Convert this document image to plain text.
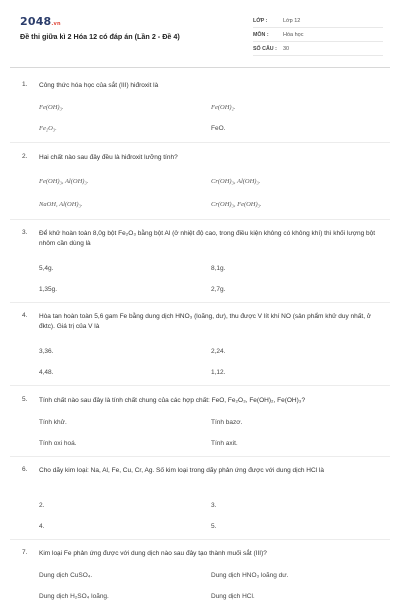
2048.vn
Đề thi giữa kì 2 Hóa 12 có đáp án (Lần 2 - Đề 4)
LỚP :	Lớp 12
MÔN :	Hóa học
SỐ CÂU :	30
1. Công thức hóa học của sắt (III) hiđroxit là
Fe(OH)₃.	Fe(OH)₂.
Fe₂O₃.	FeO.
2. Hai chất nào sau đây đều là hiđroxit lưỡng tính?
Fe(OH)₃, Al(OH)₃.	Cr(OH)₃, Al(OH)₃.
NaOH, Al(OH)₃.	Cr(OH)₃, Fe(OH)₃.
3. Để khử hoàn toàn 8,0g bột Fe₂O₃ bằng bột Al (ở nhiệt độ cao, trong điều kiện không có không khí) thì khối lượng bột nhôm cần dùng là
5,4g.	8,1g.
1,35g.	2,7g.
4. Hòa tan hoàn toàn 5,6 gam Fe bằng dung dịch HNO₃ (loãng, dư), thu được V lít khí NO (sản phẩm khử duy nhất, ở đktc). Giá trị của V là
3,36.	2,24.
4,48.	1,12.
5. Tính chất nào sau đây là tính chất chung của các hợp chất: FeO, Fe₂O₃, Fe(OH)₂, Fe(OH)₃?
Tính khử.	Tính bazơ.
Tính oxi hoá.	Tính axit.
6. Cho dãy kim loại: Na, Al, Fe, Cu, Cr, Ag. Số kim loại trong dãy phản ứng được với dung dịch HCl là
2.	3.
4.	5.
7. Kim loại Fe phản ứng được với dung dịch nào sau đây tạo thành muối sắt (III)?
Dung dịch CuSO₄.	Dung dịch HNO₃ loãng dư.
Dung dịch H₂SO₄ loãng.	Dung dịch HCl.
